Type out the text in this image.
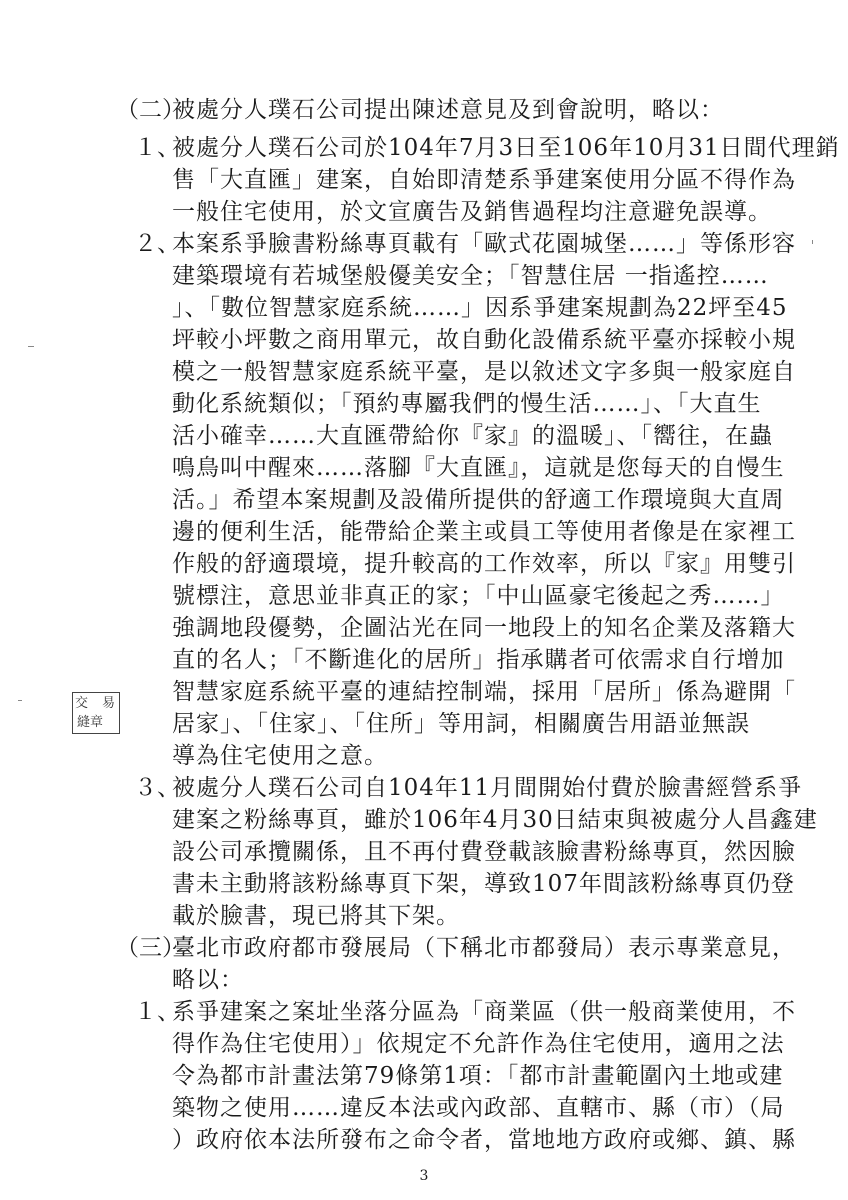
（二）
被處分人璞石公司提出陳述意見及到會說明，略以：
１、
被處分人璞石公司於104年7月3日至106年10月31日間代理銷
售「大直匯」建案，自始即清楚系爭建案使用分區不得作為
一般住宅使用，於文宣廣告及銷售過程均注意避免誤導。
２、
本案系爭臉書粉絲專頁載有「歐式花園城堡……」等係形容
建築環境有若城堡般優美安全；「智慧住居 一指遙控……
」、「數位智慧家庭系統……」因系爭建案規劃為22坪至45
坪較小坪數之商用單元，故自動化設備系統平臺亦採較小規
模之一般智慧家庭系統平臺，是以敘述文字多與一般家庭自
動化系統類似；「預約專屬我們的慢生活……」、「大直生
活小確幸……大直匯帶給你『家』的溫暖」、「嚮往，在蟲
鳴鳥叫中醒來……落腳『大直匯』，這就是您每天的自慢生
活。」希望本案規劃及設備所提供的舒適工作環境與大直周
邊的便利生活，能帶給企業主或員工等使用者像是在家裡工
作般的舒適環境，提升較高的工作效率，所以『家』用雙引
號標注，意思並非真正的家；「中山區豪宅後起之秀……」
強調地段優勢，企圖沾光在同一地段上的知名企業及落籍大
直的名人；「不斷進化的居所」指承購者可依需求自行增加
智慧家庭系統平臺的連結控制端，採用「居所」係為避開「
居家」、「住家」、「住所」等用詞，相關廣告用語並無誤
導為住宅使用之意。
３、
被處分人璞石公司自104年11月間開始付費於臉書經營系爭
建案之粉絲專頁，雖於106年4月30日結束與被處分人昌鑫建
設公司承攬關係，且不再付費登載該臉書粉絲專頁，然因臉
書未主動將該粉絲專頁下架，導致107年間該粉絲專頁仍登
載於臉書，現已將其下架。
（三）
臺北市政府都市發展局（下稱北市都發局）表示專業意見，
略以：
１、
系爭建案之案址坐落分區為「商業區（供一般商業使用，不
得作為住宅使用）」依規定不允許作為住宅使用，適用之法
令為都市計畫法第79條第1項：「都市計畫範圍內土地或建
築物之使用……違反本法或內政部、直轄市、縣（市）（局
）政府依本法所發布之命令者，當地地方政府或鄉、鎮、縣
交 易
縫章
3
